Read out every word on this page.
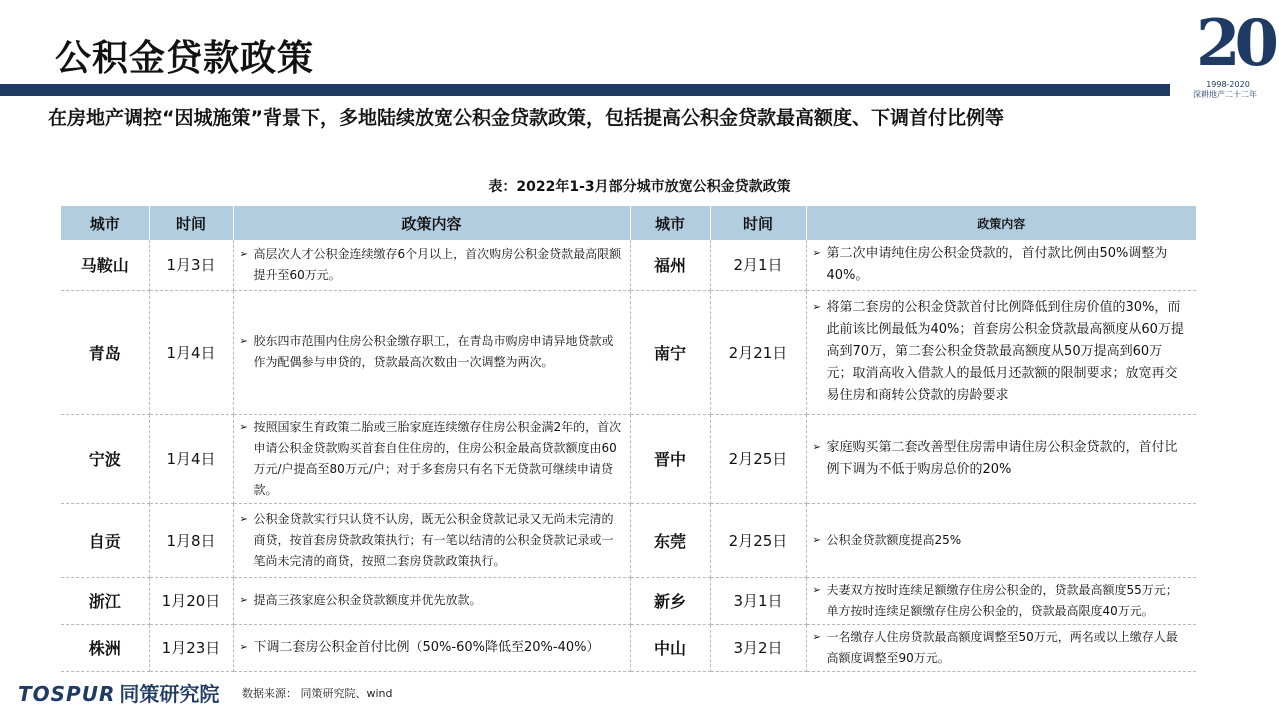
公积金贷款政策	20
1998-2020
深耕地产二十二年
在房地产调控“因城施策”背景下，多地陆续放宽公积金贷款政策，包括提高公积金贷款最高额度、下调首付比例等
表：2022年1-3月部分城市放宽公积金贷款政策
城市	时间	政策内容	城市	时间	政策内容
马鞍山	1月3日	➢ 高层次人才公积金连续缴存6个月以上，首次购房公积金贷款最高限额提升至60万元。	福州	2月1日	➢ 第二次申请纯住房公积金贷款的，首付款比例由50%调整为40%。

青岛	1月4日	➢ 胶东四市范围内住房公积金缴存职工，在青岛市购房申请异地贷款或作为配偶参与申贷的，贷款最高次数由一次调整为两次。	南宁	2月21日	➢ 将第二套房的公积金贷款首付比例降低到住房价值的30%，而此前该比例最低为40%；首套房公积金贷款最高额度从60万提高到70万，第二套公积金贷款最高额度从50万提高到60万元；取消高收入借款人的最低月还款额的限制要求；放宽再交易住房和商转公贷款的房龄要求

宁波	1月4日	➢ 按照国家生育政策二胎或三胎家庭连续缴存住房公积金满2年的，首次申请公积金贷款购买首套自住住房的，住房公积金最高贷款额度由60万元/户提高至80万元/户；对于多套房只有名下无贷款可继续申请贷款。	晋中	2月25日	➢ 家庭购买第二套改善型住房需申请住房公积金贷款的，首付比例下调为不低于购房总价的20%

自贡	1月8日	➢ 公积金贷款实行只认贷不认房，既无公积金贷款记录又无尚未完清的商贷，按首套房贷款政策执行；有一笔以结清的公积金贷款记录或一笔尚未完清的商贷，按照二套房贷款政策执行。	东莞	2月25日	➢ 公积金贷款额度提高25%

浙江	1月20日	➢ 提高三孩家庭公积金贷款额度并优先放款。	新乡	3月1日	➢ 夫妻双方按时连续足额缴存住房公积金的，贷款最高额度55万元；单方按时连续足额缴存住房公积金的，贷款最高限度40万元。

株洲	1月23日	➢ 下调二套房公积金首付比例（50%-60%降低至20%-40%）	中山	3月2日	➢ 一名缴存人住房贷款最高额度调整至50万元，两名或以上缴存人最高额度调整至90万元。
TOSPUR 同策研究院 数据来源： 同策研究院、wind
